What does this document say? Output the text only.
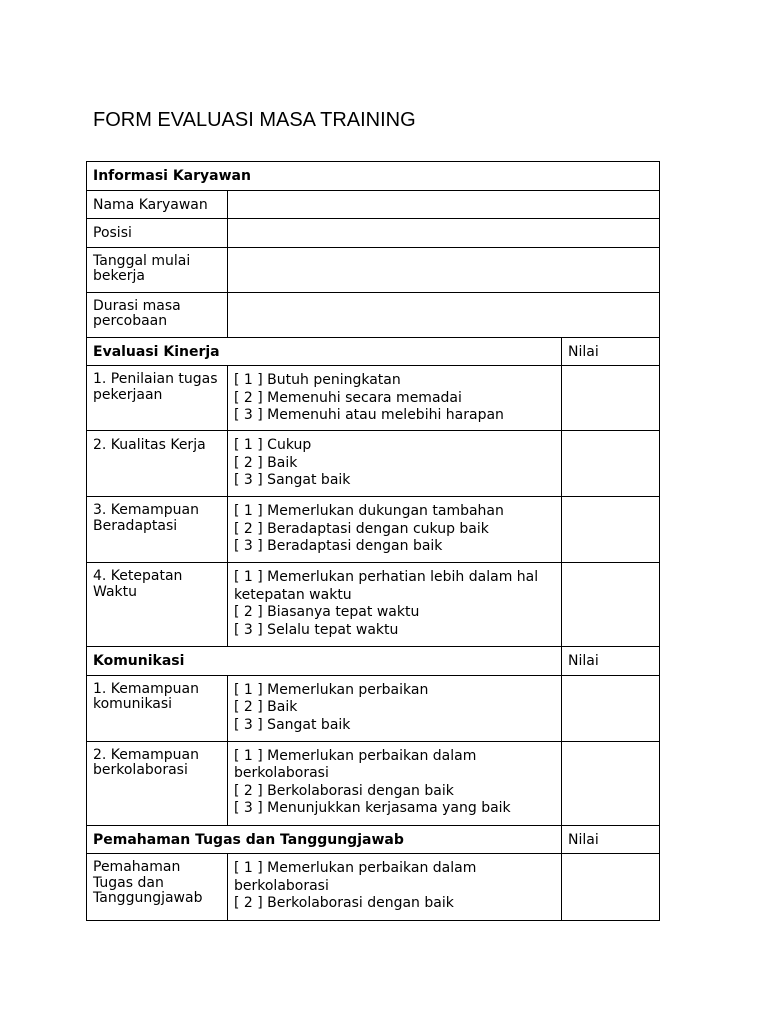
FORM EVALUASI MASA TRAINING
Informasi Karyawan		
Nama Karyawan		
Posisi		
Tanggal mulai bekerja		
Durasi masa percobaan		
Evaluasi Kinerja		Nilai
1. Penilaian tugas pekerjaan	[ 1 ] Butuh peningkatan
[ 2 ] Memenuhi secara memadai
[ 3 ] Memenuhi atau melebihi harapan	

2. Kualitas Kerja	[ 1 ] Cukup
[ 2 ] Baik
[ 3 ] Sangat baik	

3. Kemampuan Beradaptasi	[ 1 ] Memerlukan dukungan tambahan
[ 2 ] Beradaptasi dengan cukup baik
[ 3 ] Beradaptasi dengan baik	

4. Ketepatan Waktu	[ 1 ] Memerlukan perhatian lebih dalam hal ketepatan waktu
[ 2 ] Biasanya tepat waktu
[ 3 ] Selalu tepat waktu	

Komunikasi		Nilai
1. Kemampuan komunikasi	[ 1 ] Memerlukan perbaikan
[ 2 ] Baik
[ 3 ] Sangat baik	

2. Kemampuan berkolaborasi	[ 1 ] Memerlukan perbaikan dalam berkolaborasi
[ 2 ] Berkolaborasi dengan baik
[ 3 ] Menunjukkan kerjasama yang baik	

Pemahaman Tugas dan Tanggungjawab		Nilai
Pemahaman Tugas dan Tanggungjawab	[ 1 ] Memerlukan perbaikan dalam berkolaborasi
[ 2 ] Berkolaborasi dengan baik	
